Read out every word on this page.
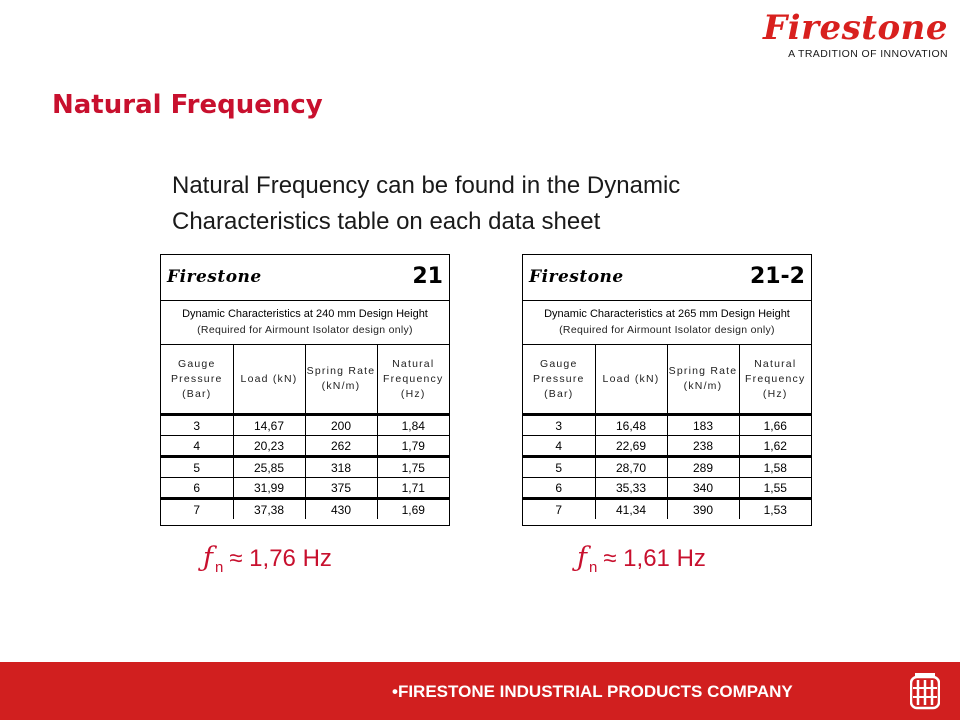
Firestone
A TRADITION OF INNOVATION
Natural Frequency
Natural Frequency can be found in the Dynamic
Characteristics table on each data sheet
Firestone	21
Dynamic Characteristics at 240 mm Design Height
(Required for Airmount Isolator design only)
Gauge Pressure (Bar)	Load (kN)	Spring Rate (kN/m)	Natural Frequency (Hz)
3	14,67	200	1,84
4	20,23	262	1,79
5	25,85	318	1,75
6	31,99	375	1,71
7	37,38	430	1,69
Firestone	21-2
Dynamic Characteristics at 265 mm Design Height
(Required for Airmount Isolator design only)
Gauge Pressure (Bar)	Load (kN)	Spring Rate (kN/m)	Natural Frequency (Hz)
3	16,48	183	1,66
4	22,69	238	1,62
5	28,70	289	1,58
6	35,33	340	1,55
7	41,34	390	1,53
ƒ $_n$ ≈ 1,76 Hz	ƒ $_n$ ≈ 1,61 Hz
•FIRESTONE INDUSTRIAL PRODUCTS COMPANY
